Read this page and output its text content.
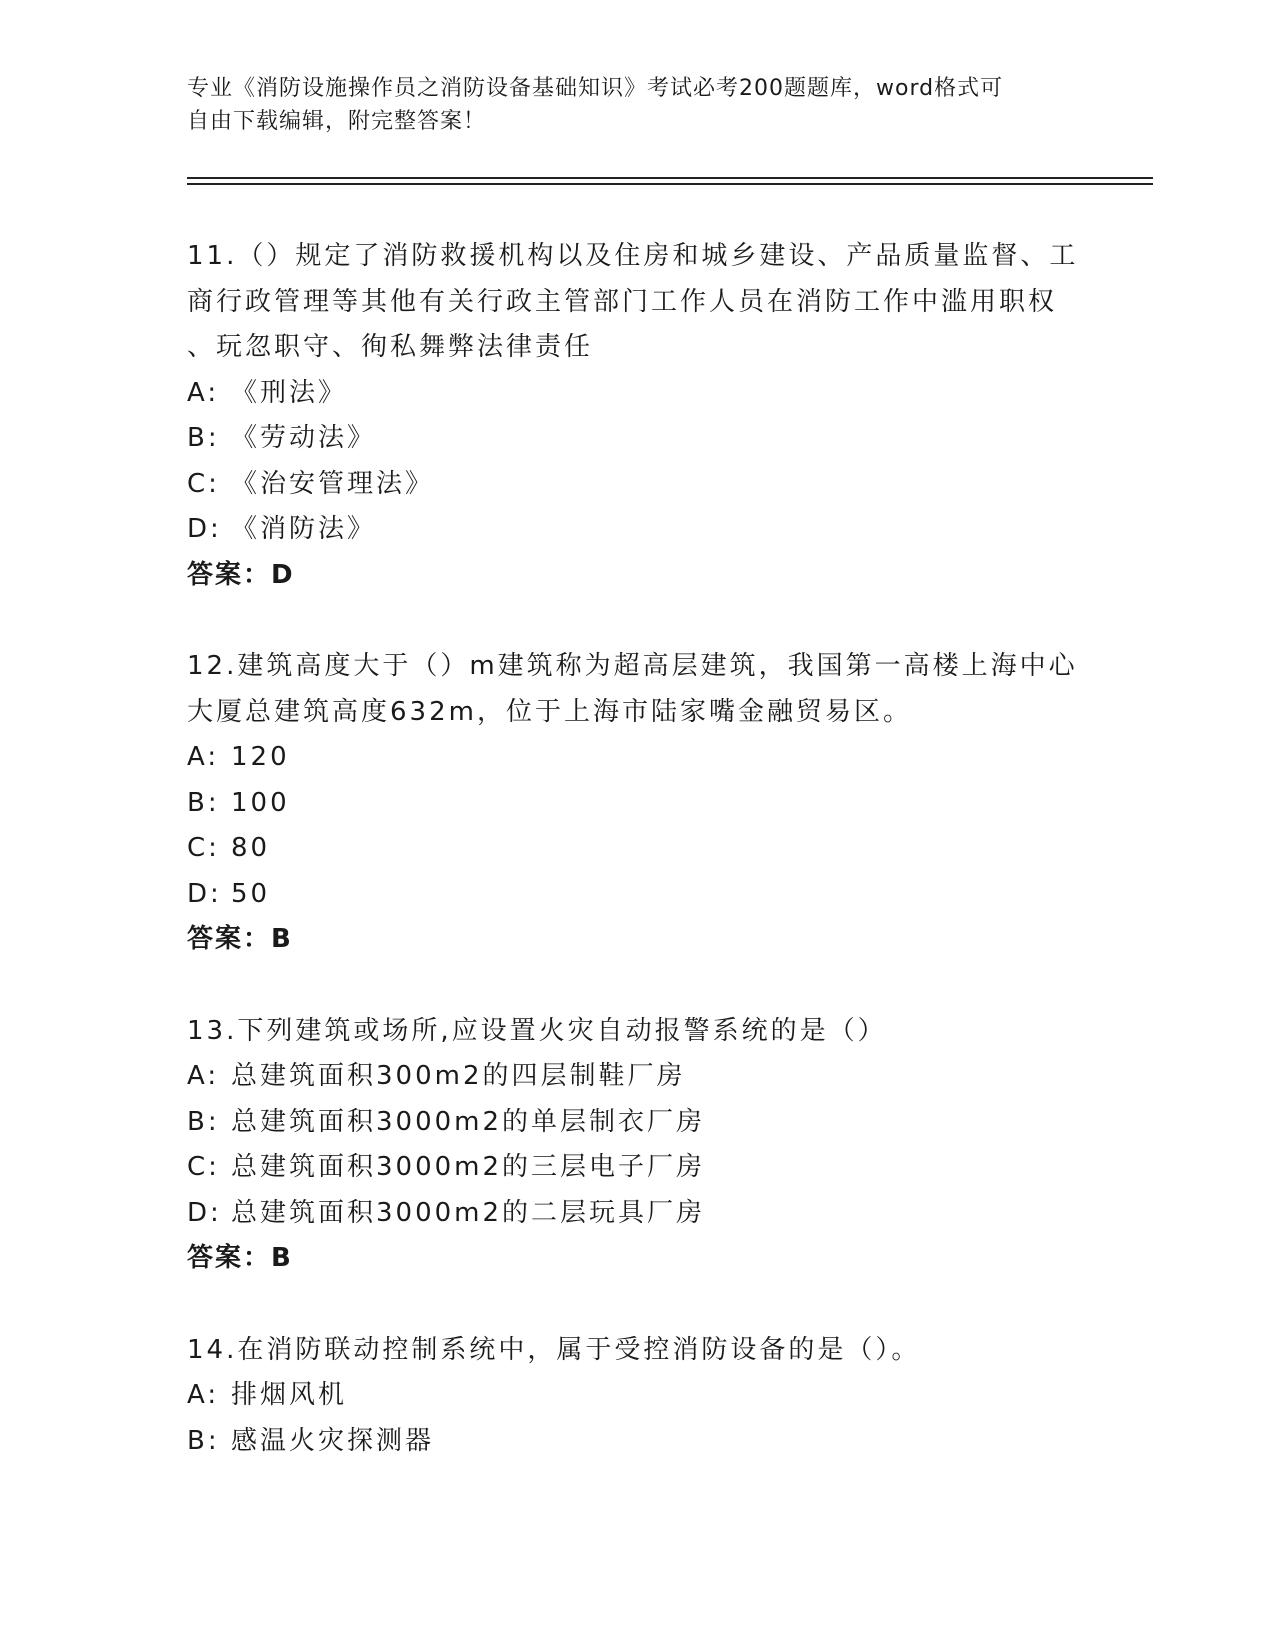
专业《消防设施操作员之消防设备基础知识》考试必考200题题库，word格式可
自由下载编辑，附完整答案！
11.（）规定了消防救援机构以及住房和城乡建设、产品质量监督、工
商行政管理等其他有关行政主管部门工作人员在消防工作中滥用职权
、玩忽职守、徇私舞弊法律责任
A: 《刑法》
B: 《劳动法》
C: 《治安管理法》
D: 《消防法》
答案：D
12.建筑高度大于（）m建筑称为超高层建筑，我国第一高楼上海中心
大厦总建筑高度632m，位于上海市陆家嘴金融贸易区。
A: 120
B: 100
C: 80
D: 50
答案：B
13.下列建筑或场所,应设置火灾自动报警系统的是（）
A: 总建筑面积300m2的四层制鞋厂房
B: 总建筑面积3000m2的单层制衣厂房
C: 总建筑面积3000m2的三层电子厂房
D: 总建筑面积3000m2的二层玩具厂房
答案：B
14.在消防联动控制系统中，属于受控消防设备的是（）。
A: 排烟风机
B: 感温火灾探测器
